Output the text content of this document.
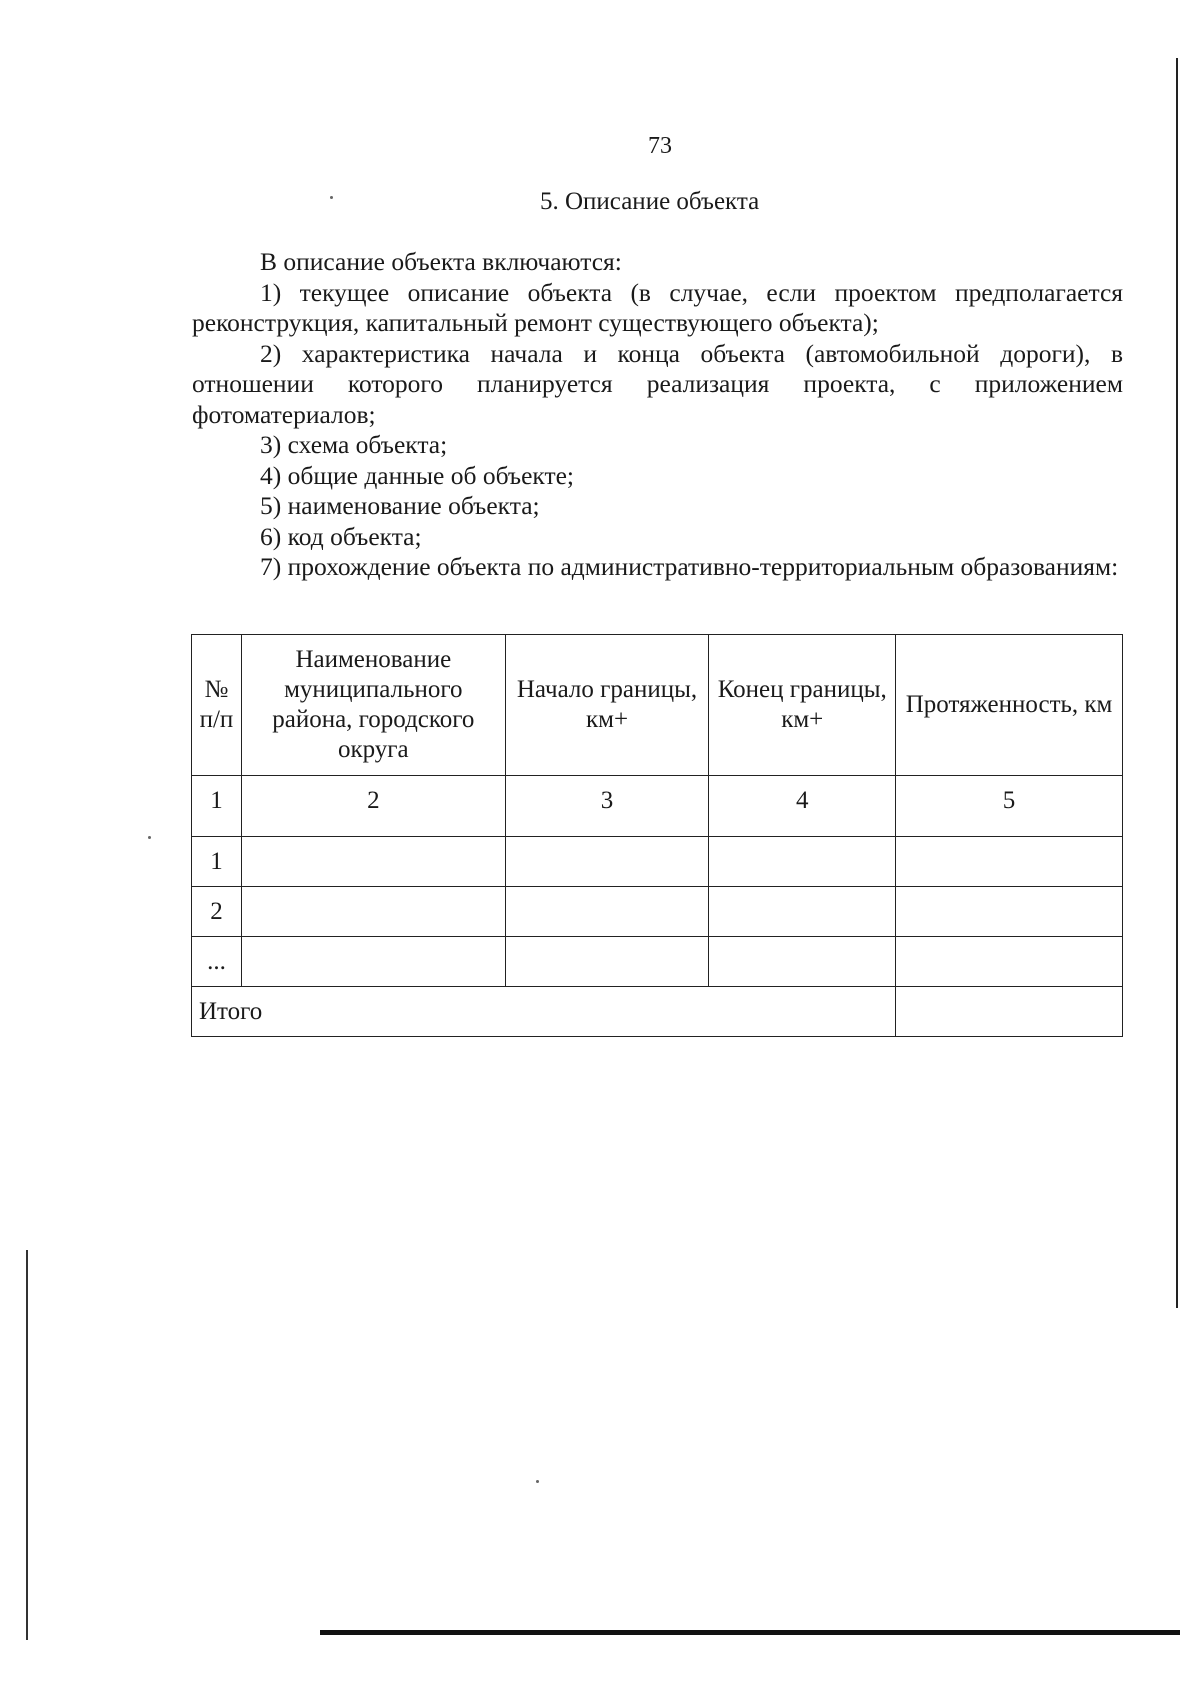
73
5. Описание объекта

В описание объекта включаются:

1) текущее описание объекта (в случае, если проектом предполагается реконструкция, капитальный ремонт существующего объекта);

2) характеристика начала и конца объекта (автомобильной дороги), в отношении которого планируется реализация проекта, с приложением фотоматериалов;

3) схема объекта;

4) общие данные об объекте;

5) наименование объекта;

6) код объекта;

7) прохождение объекта по административно-территориальным образованиям:

№ п/п	Наименование муниципального района, городского округа	Начало границы, км+	Конец границы, км+	Протяженность, км
1	2	3	4	5
1				
2				
...				
Итого				
